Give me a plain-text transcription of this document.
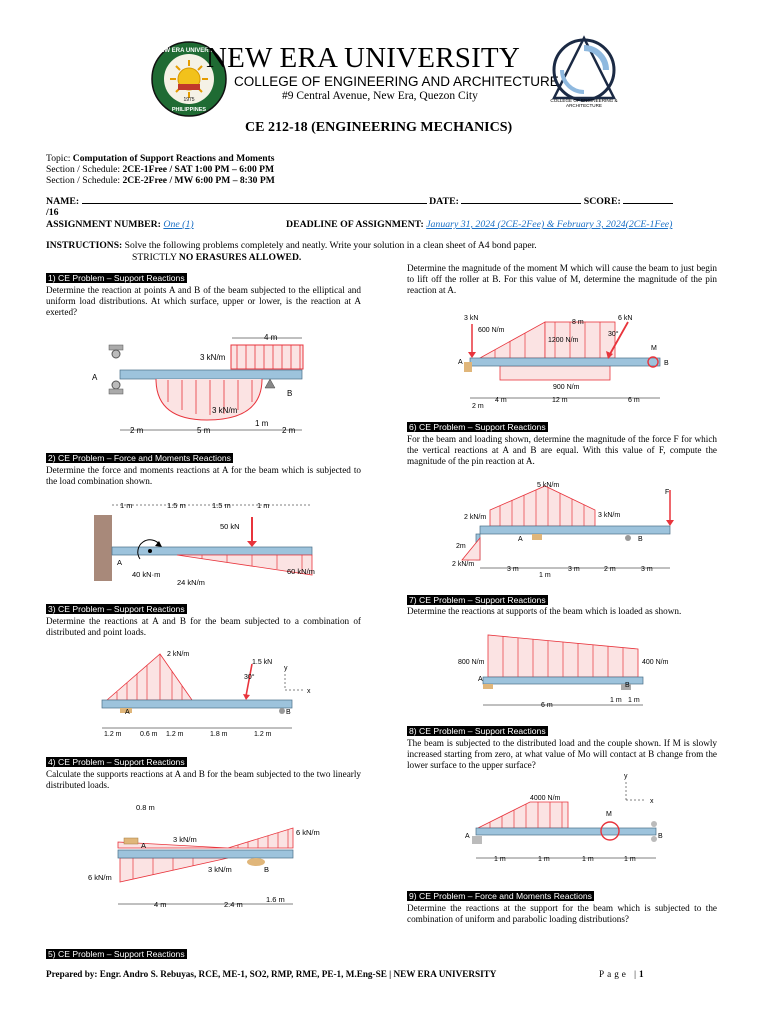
NEW ERA UNIVERSITY
1975
PHILIPPINES
NEW ERA UNIVERSITY
COLLEGE OF ENGINEERING AND ARCHITECTURE
#9 Central Avenue, New Era, Quezon City	COLLEGE OF ENGINEERING & ARCHITECTURE
CE 212-18 (ENGINEERING MECHANICS)
Topic: Computation of Support Reactions and Moments
Section / Schedule: 2CE-1Free / SAT 1:00 PM – 6:00 PM
Section / Schedule: 2CE-2Free / MW 6:00 PM – 8:30 PM
NAME:	DATE:	SCORE:
/16
ASSIGNMENT NUMBER: One (1)	DEADLINE OF ASSIGNMENT: January 31, 2024 (2CE-2Fee) & February 3, 2024(2CE-1Fee)
INSTRUCTIONS: Solve the following problems completely and neatly. Write your solution in a clean sheet of A4 bond paper.
STRICTLY NO ERASURES ALLOWED.
1) CE Problem – Support Reactions
Determine the reaction at points A and B of the beam subjected to the elliptical and uniform load distributions. At which surface, upper or lower, is the reaction at A exerted?
A
B
3 kN/m
3 kN/m
4 m
2 m	5 m
1 m
2 m
2) CE Problem – Force and Moments Reactions
Determine the force and moments reactions at A for the beam which is subjected to the load combination shown.
1 m	1.5 m	1.5 m	1 m
50 kN
40 kN·m
24 kN/m
60 kN/m
A
3) CE Problem – Support Reactions
Determine the reactions at A and B for the beam subjected to a combination of distributed and point loads.
2 kN/m
1.5 kN
30°
A	B
y
x
1.2 m	0.6 m 1.2 m	1.8 m	1.2 m
4) CE Problem – Support Reactions
Calculate the supports reactions at A and B for the beam subjected to the two linearly distributed loads.
0.8 m
3 kN/m
6 kN/m
6 kN/m
3 kN/m
A
B
4 m	2.4 m
1.6 m
5) CE Problem – Support Reactions
Determine the magnitude of the moment M which will cause the beam to just begin to lift off the roller at B. For this value of M, determine the magnitude of the pin reaction at A.
3 kN
600 N/m
1200 N/m
900 N/m
6 kN
30°
8 m
4 m	12 m	6 m
2 m
M
A	B
6) CE Problem – Support Reactions
For the beam and loading shown, determine the magnitude of the force F for which the vertical reactions at A and B are equal. With this value of F, compute the magnitude of the pin reaction at A.
5 kN/m
2 kN/m	3 kN/m
2 kN/m
F
A	B
3 m	3 m	2 m	3 m
1 m
2m
7) CE Problem – Support Reactions
Determine the reactions at supports of the beam which is loaded as shown.
800 N/m	400 N/m
A
B
6 m
1 m 1 m
8) CE Problem – Support Reactions
The beam is subjected to the distributed load and the couple shown. If M is slowly increased starting from zero, at what value of Mo will contact at B change from the lower surface to the upper surface?
4000 N/m
M
A	B
y
x
1 m	1 m	1 m	1 m
9) CE Problem – Force and Moments Reactions
Determine the reactions at the support for the beam which is subjected to the combination of uniform and parabolic loading distributions?
Prepared by: Engr. Andro S. Rebuyas, RCE, ME-1, SO2, RMP, RME, PE-1, M.Eng-SE | NEW ERA UNIVERSITY	Page |1
